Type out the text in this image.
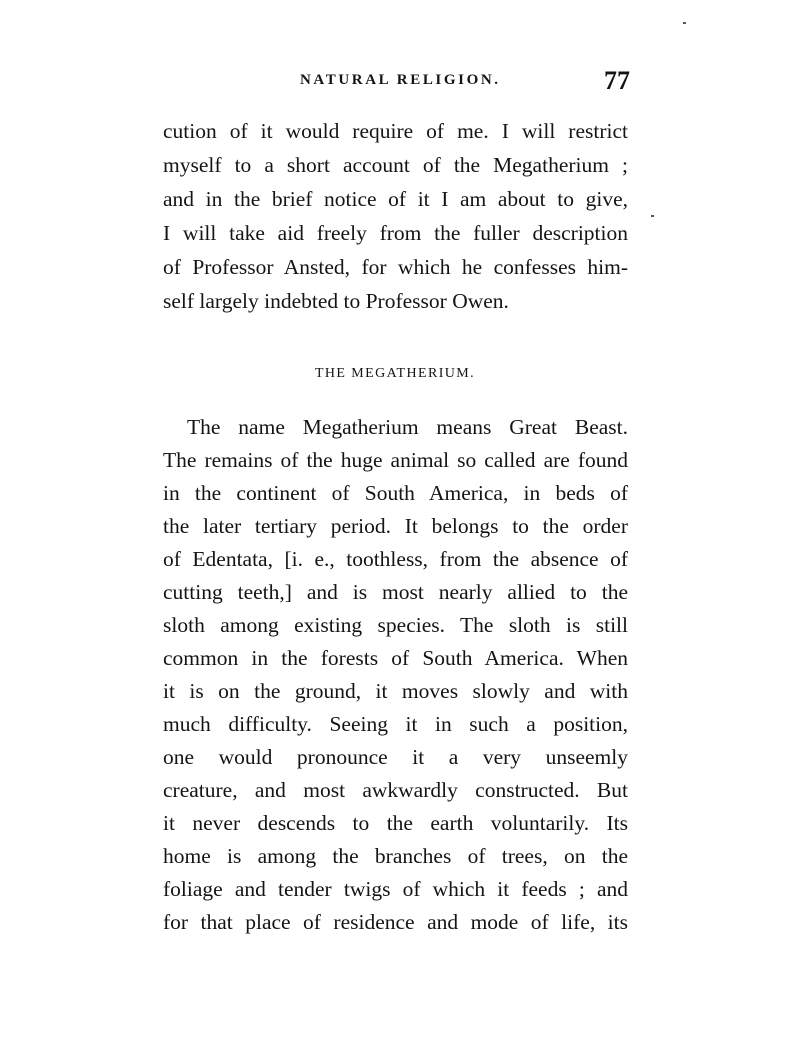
NATURAL RELIGION.	77
cution of it would require of me. I will restrict
myself to a short account of the Megatherium ;
and in the brief notice of it I am about to give,
I will take aid freely from the fuller description
of Professor Ansted, for which he confesses him-
self largely indebted to Professor Owen.
THE MEGATHERIUM.
The name Megatherium means Great Beast.
The remains of the huge animal so called are found
in the continent of South America, in beds of
the later tertiary period. It belongs to the order
of Edentata, [i. e., toothless, from the absence of
cutting teeth,] and is most nearly allied to the
sloth among existing species. The sloth is still
common in the forests of South America. When
it is on the ground, it moves slowly and with
much difficulty. Seeing it in such a position,
one would pronounce it a very unseemly
creature, and most awkwardly constructed. But
it never descends to the earth voluntarily. Its
home is among the branches of trees, on the
foliage and tender twigs of which it feeds ; and
for that place of residence and mode of life, its
